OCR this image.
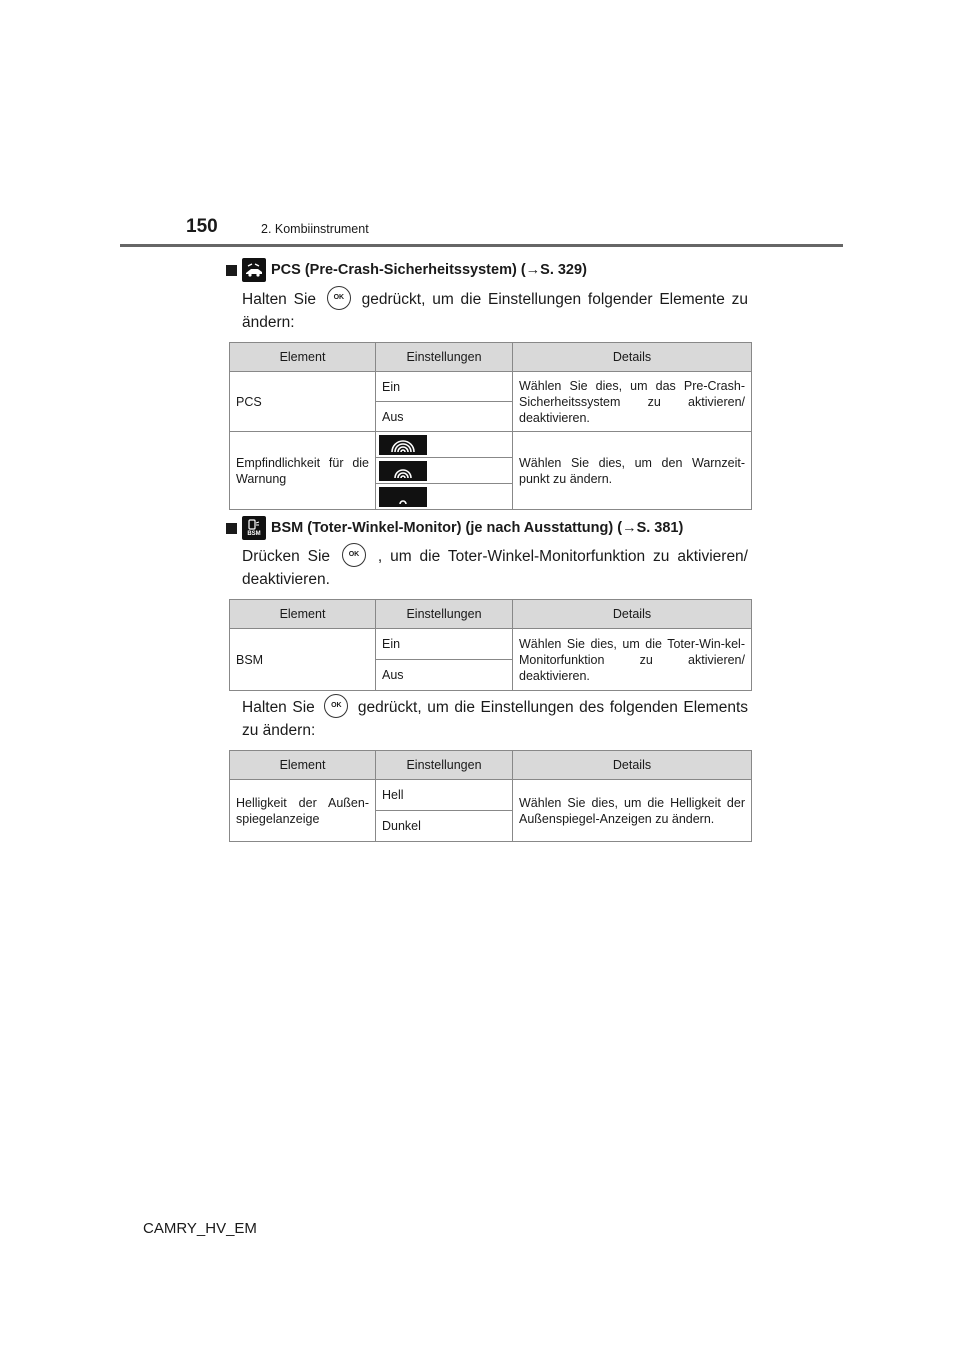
150	2. Kombiinstrument
PCS (Pre-Crash-Sicherheitssystem) (→S. 329)
Halten Sie	OK gedrückt, um die Einstellungen folgender Elemente zu ändern:
Element	Einstellungen	Details
PCS	Ein	Wählen Sie dies, um das Pre-Crash-Sicherheitssystem zu aktivieren/ deaktivieren.
	Aus	
Empfindlichkeit für die Warnung		Wählen Sie dies, um den Warnzeit-punkt zu ändern.

BSM BSM (Toter-Winkel-Monitor) (je nach Ausstattung) (→S. 381)
Drücken Sie	OK , um die Toter-Winkel-Monitorfunktion zu aktivieren/ deaktivieren.
Element	Einstellungen	Details
BSM	Ein	Wählen Sie dies, um die Toter-Win-kel-Monitorfunktion zu aktivieren/ deaktivieren.
	Aus	
Halten Sie OK gedrückt, um die Einstellungen des folgenden Elements zu ändern:
Element	Einstellungen	Details
Helligkeit der Außen-spiegelanzeige	Hell	Wählen Sie dies, um die Helligkeit der Außenspiegel-Anzeigen zu ändern.
	Dunkel	
CAMRY_HV_EM
